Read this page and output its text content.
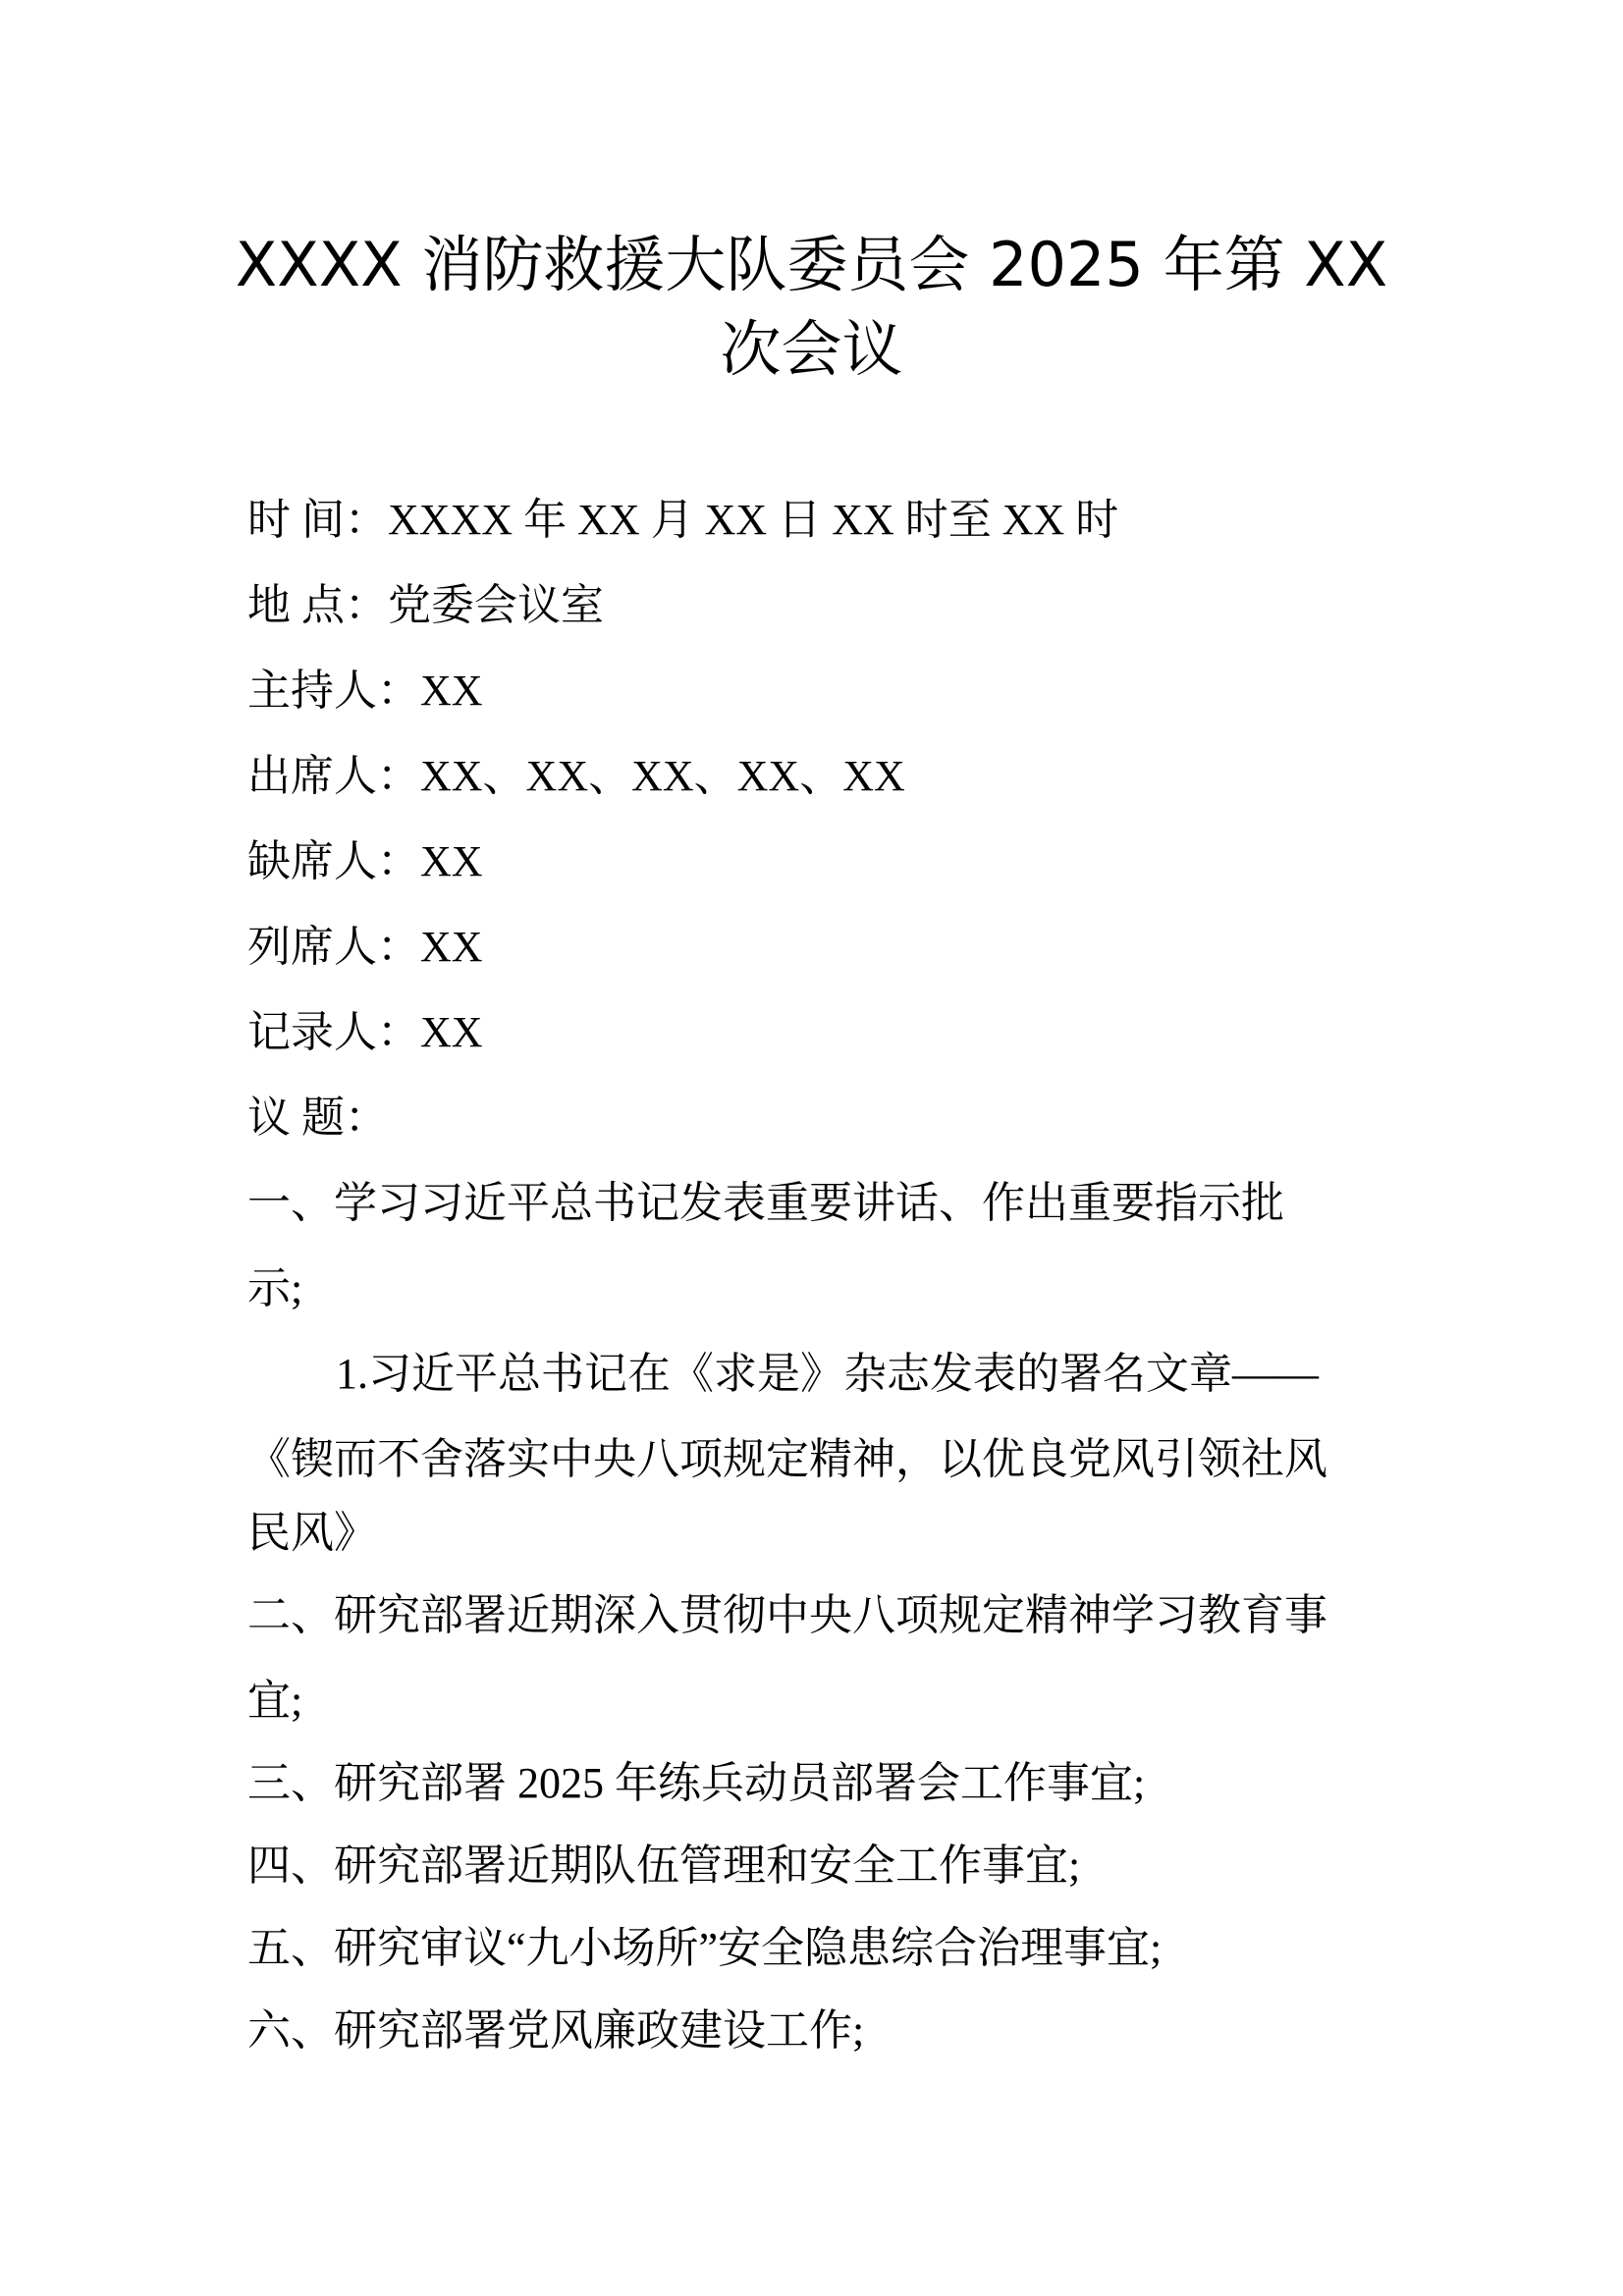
XXXX 消防救援大队委员会 2025 年第 XX
次会议
时 间：XXXX 年 XX 月 XX 日 XX 时至 XX 时
地 点：党委会议室
主持人：XX
出席人：XX、XX、XX、XX、XX
缺席人：XX
列席人：XX
记录人：XX
议 题：
一、学习习近平总书记发表重要讲话、作出重要指示批
示;
1.习近平总书记在《求是》杂志发表的署名文章——
《锲而不舍落实中央八项规定精神，以优良党风引领社风
民风》
二、研究部署近期深入贯彻中央八项规定精神学习教育事
宜;
三、研究部署 2025 年练兵动员部署会工作事宜;
四、研究部署近期队伍管理和安全工作事宜;
五、研究审议“九小场所”安全隐患综合治理事宜;
六、研究部署党风廉政建设工作;
